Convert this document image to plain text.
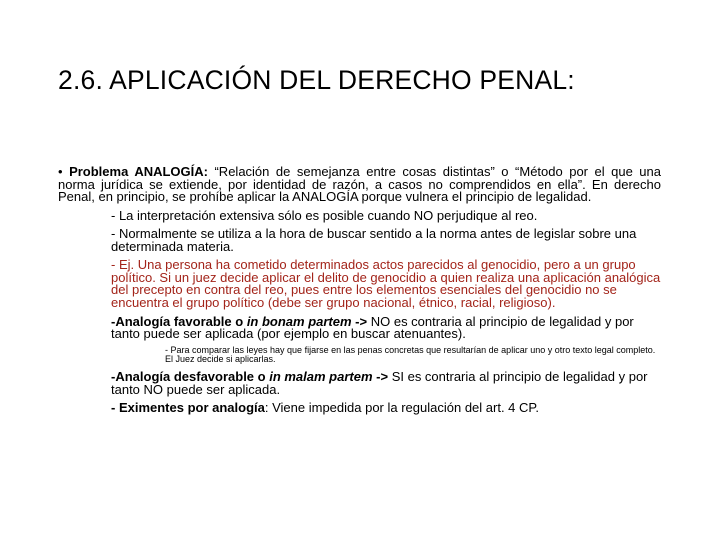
2.6. APLICACIÓN DEL DERECHO PENAL:

• Problema ANALOGÍA: “Relación de semejanza entre cosas distintas” o “Método por el que una norma jurídica se extiende, por identidad de razón, a casos no comprendidos en ella”. En derecho Penal, en principio, se prohíbe aplicar la ANALOGÍA porque vulnera el principio de legalidad.

- La interpretación extensiva sólo es posible cuando NO perjudique al reo.

- Normalmente se utiliza a la hora de buscar sentido a la norma antes de legislar sobre una determinada materia.

- Ej. Una persona ha cometido determinados actos parecidos al genocidio, pero a un grupo político. Si un juez decide aplicar el delito de genocidio a quien realiza una aplicación analógica del precepto en contra del reo, pues entre los elementos esenciales del genocidio no se encuentra el grupo político (debe ser grupo nacional, étnico, racial, religioso).

-Analogía favorable o in bonam partem -> NO es contraria al principio de legalidad y por tanto puede ser aplicada (por ejemplo en buscar atenuantes).

- Para comparar las leyes hay que fijarse en las penas concretas que resultarían de aplicar uno y otro texto legal completo. El Juez decide si aplicarlas.

-Analogía desfavorable o in malam partem -> SI es contraria al principio de legalidad y por tanto NO puede ser aplicada.

- Eximentes por analogía: Viene impedida por la regulación del art. 4 CP.
